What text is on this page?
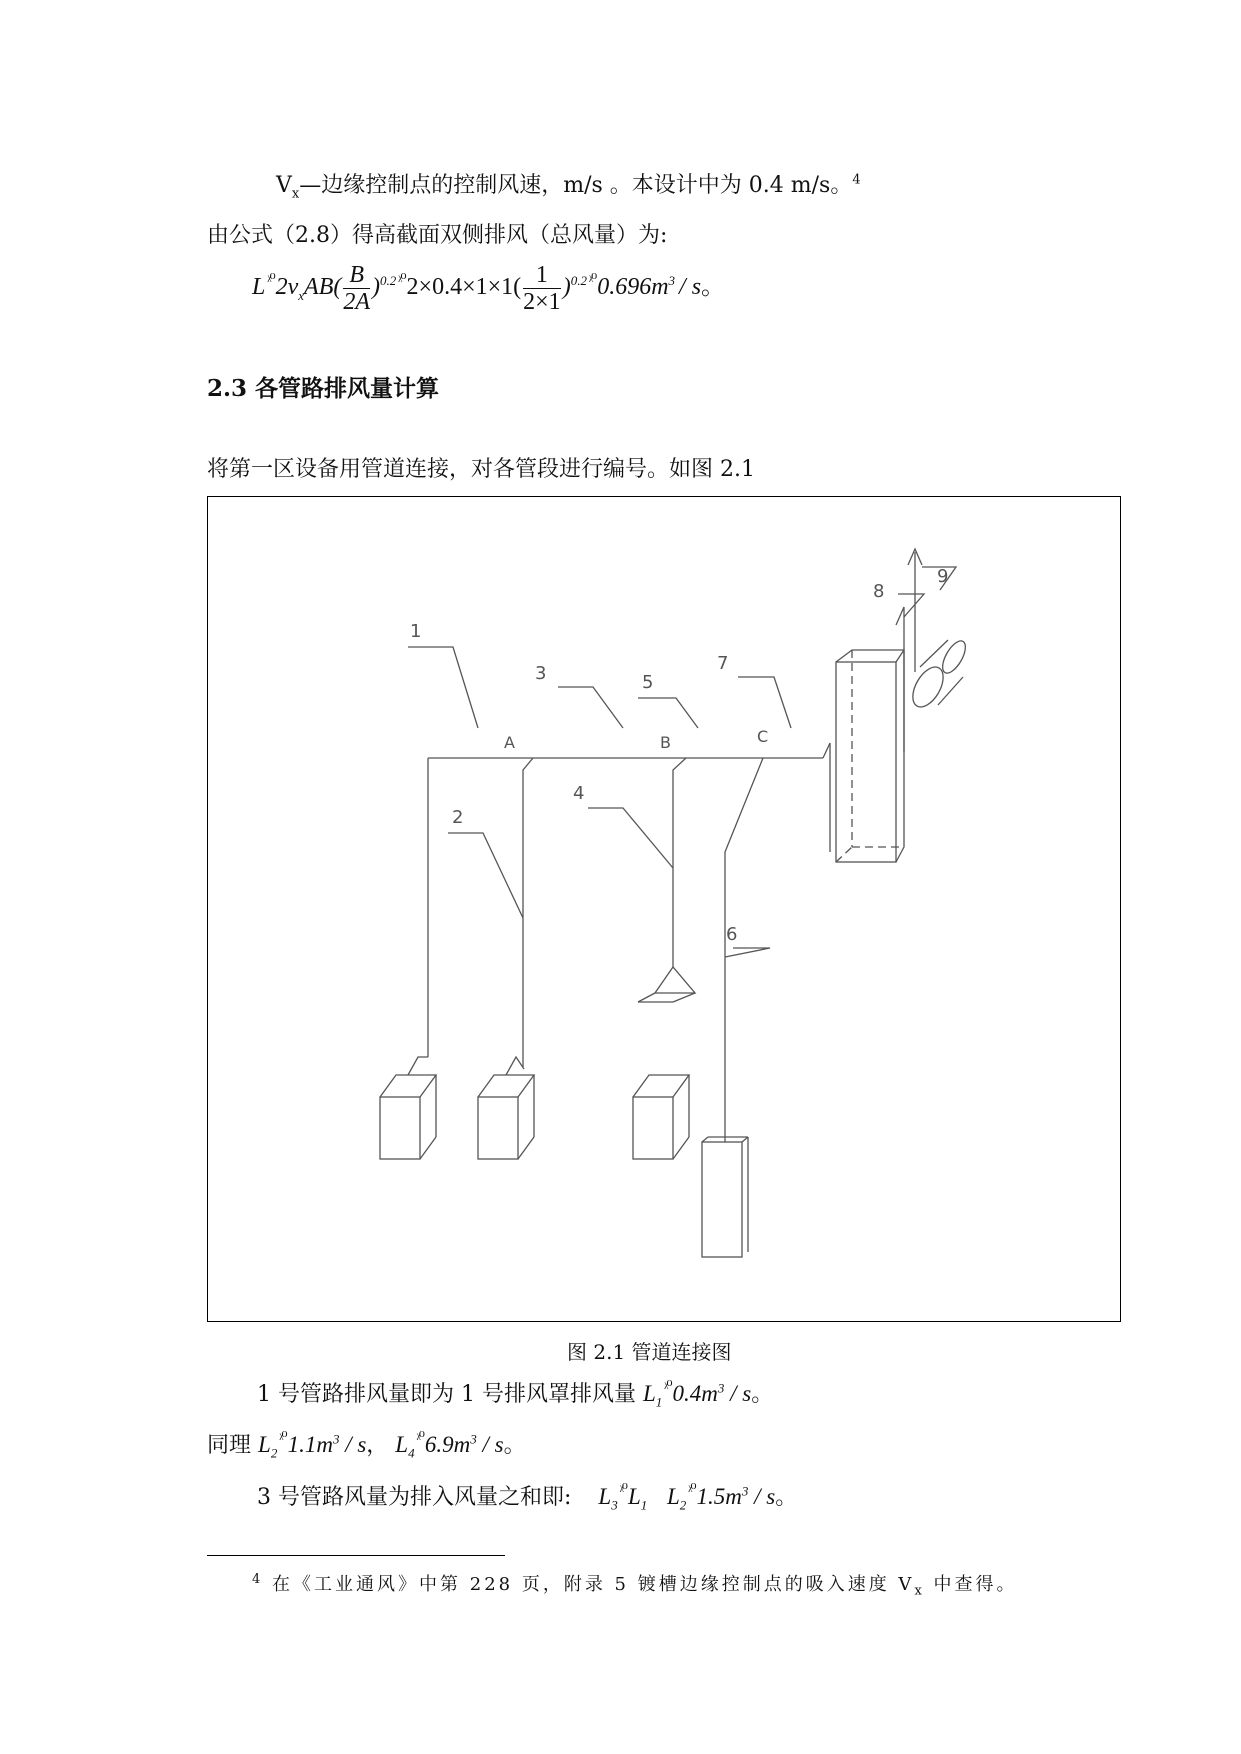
$V_x—$边缘控制点的控制风速，m/s 。本设计中为 0.4 m/s。$^4$
由公式（2.8）得高截面双侧排风（总风量）为:
L $^{ᵡ^0}2v_xAB( \frac{B}{2A} )^{0.2}$ $^{ᵡ^0}2\times 0.4\times 1\times 1( \frac{1}{2\times 1} )^{0.2}$ $^{ᵡ^0}0.696m^3$ / s。
2.3 各管路排风量计算
将第一区设备用管道连接，对各管段进行编号。如图 2.1
1
2
3
4
5
6
7
8
9
A	B	C
图 2.1 管道连接图
1 号管路排风量即为 1 号排风罩排风量 $L_1^{ᵡ^0}0.4m^3$ / s。
同理 $L_2^{ᵡ^0}1.1m^3$ / s， $L_4^{ᵡ^0}6.9m^3$ / s。
3 号管路风量为排入风量之和即: $L_3^{ᵡ^0}L_1$ $L_2^{ᵡ^0}1.5m^3$ / s。
$^4$ 在《工业通风》中第 228 页，附录 5 镀槽边缘控制点的吸入速度 $V_x$ 中查得。
